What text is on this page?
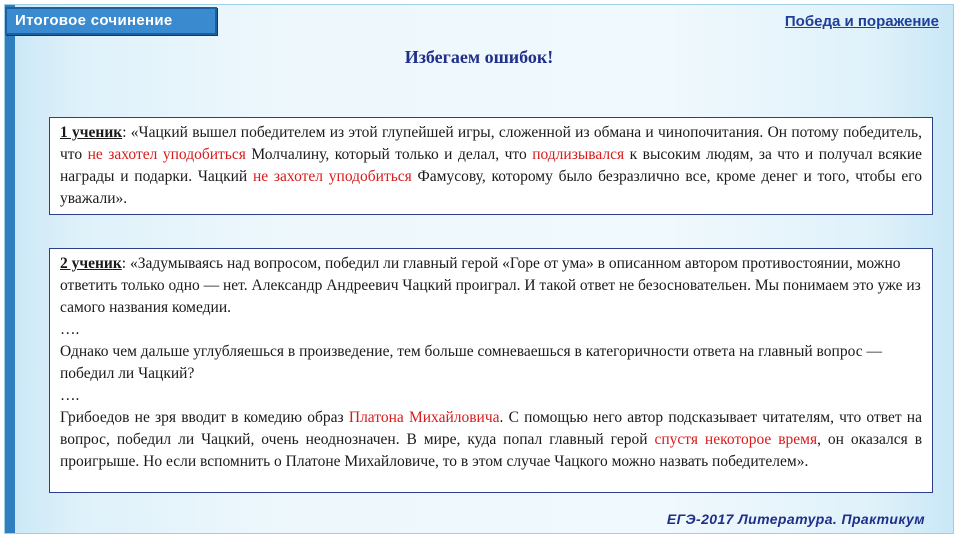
Итоговое сочинение	Победа и поражение
Избегаем ошибок!
1 ученик: «Чацкий вышел победителем из этой глупейшей игры, сложенной из обмана и чинопочитания. Он потому победитель, что не захотел уподобиться Молчалину, который только и делал, что подлизывался к высоким людям, за что и получал всякие награды и подарки. Чацкий не захотел уподобиться Фамусову, которому было безразлично все, кроме денег и того, чтобы его уважали».

2 ученик: «Задумываясь над вопросом, победил ли главный герой «Горе от ума» в описанном автором противостоянии, можно ответить только одно — нет. Александр Андреевич Чацкий проиграл. И такой ответ не безосновательен. Мы понимаем это уже из самого названия комедии.

….

Однако чем дальше углубляешься в произведение, тем больше сомневаешься в категоричности ответа на главный вопрос — победил ли Чацкий?

….

Грибоедов не зря вводит в комедию образ Платона Михайловича. С помощью него автор подсказывает читателям, что ответ на вопрос, победил ли Чацкий, очень неоднозначен. В мире, куда попал главный герой спустя некоторое время, он оказался в проигрыше. Но если вспомнить о Платоне Михайловиче, то в этом случае Чацкого можно назвать победителем».

ЕГЭ-2017 Литература. Практикум
